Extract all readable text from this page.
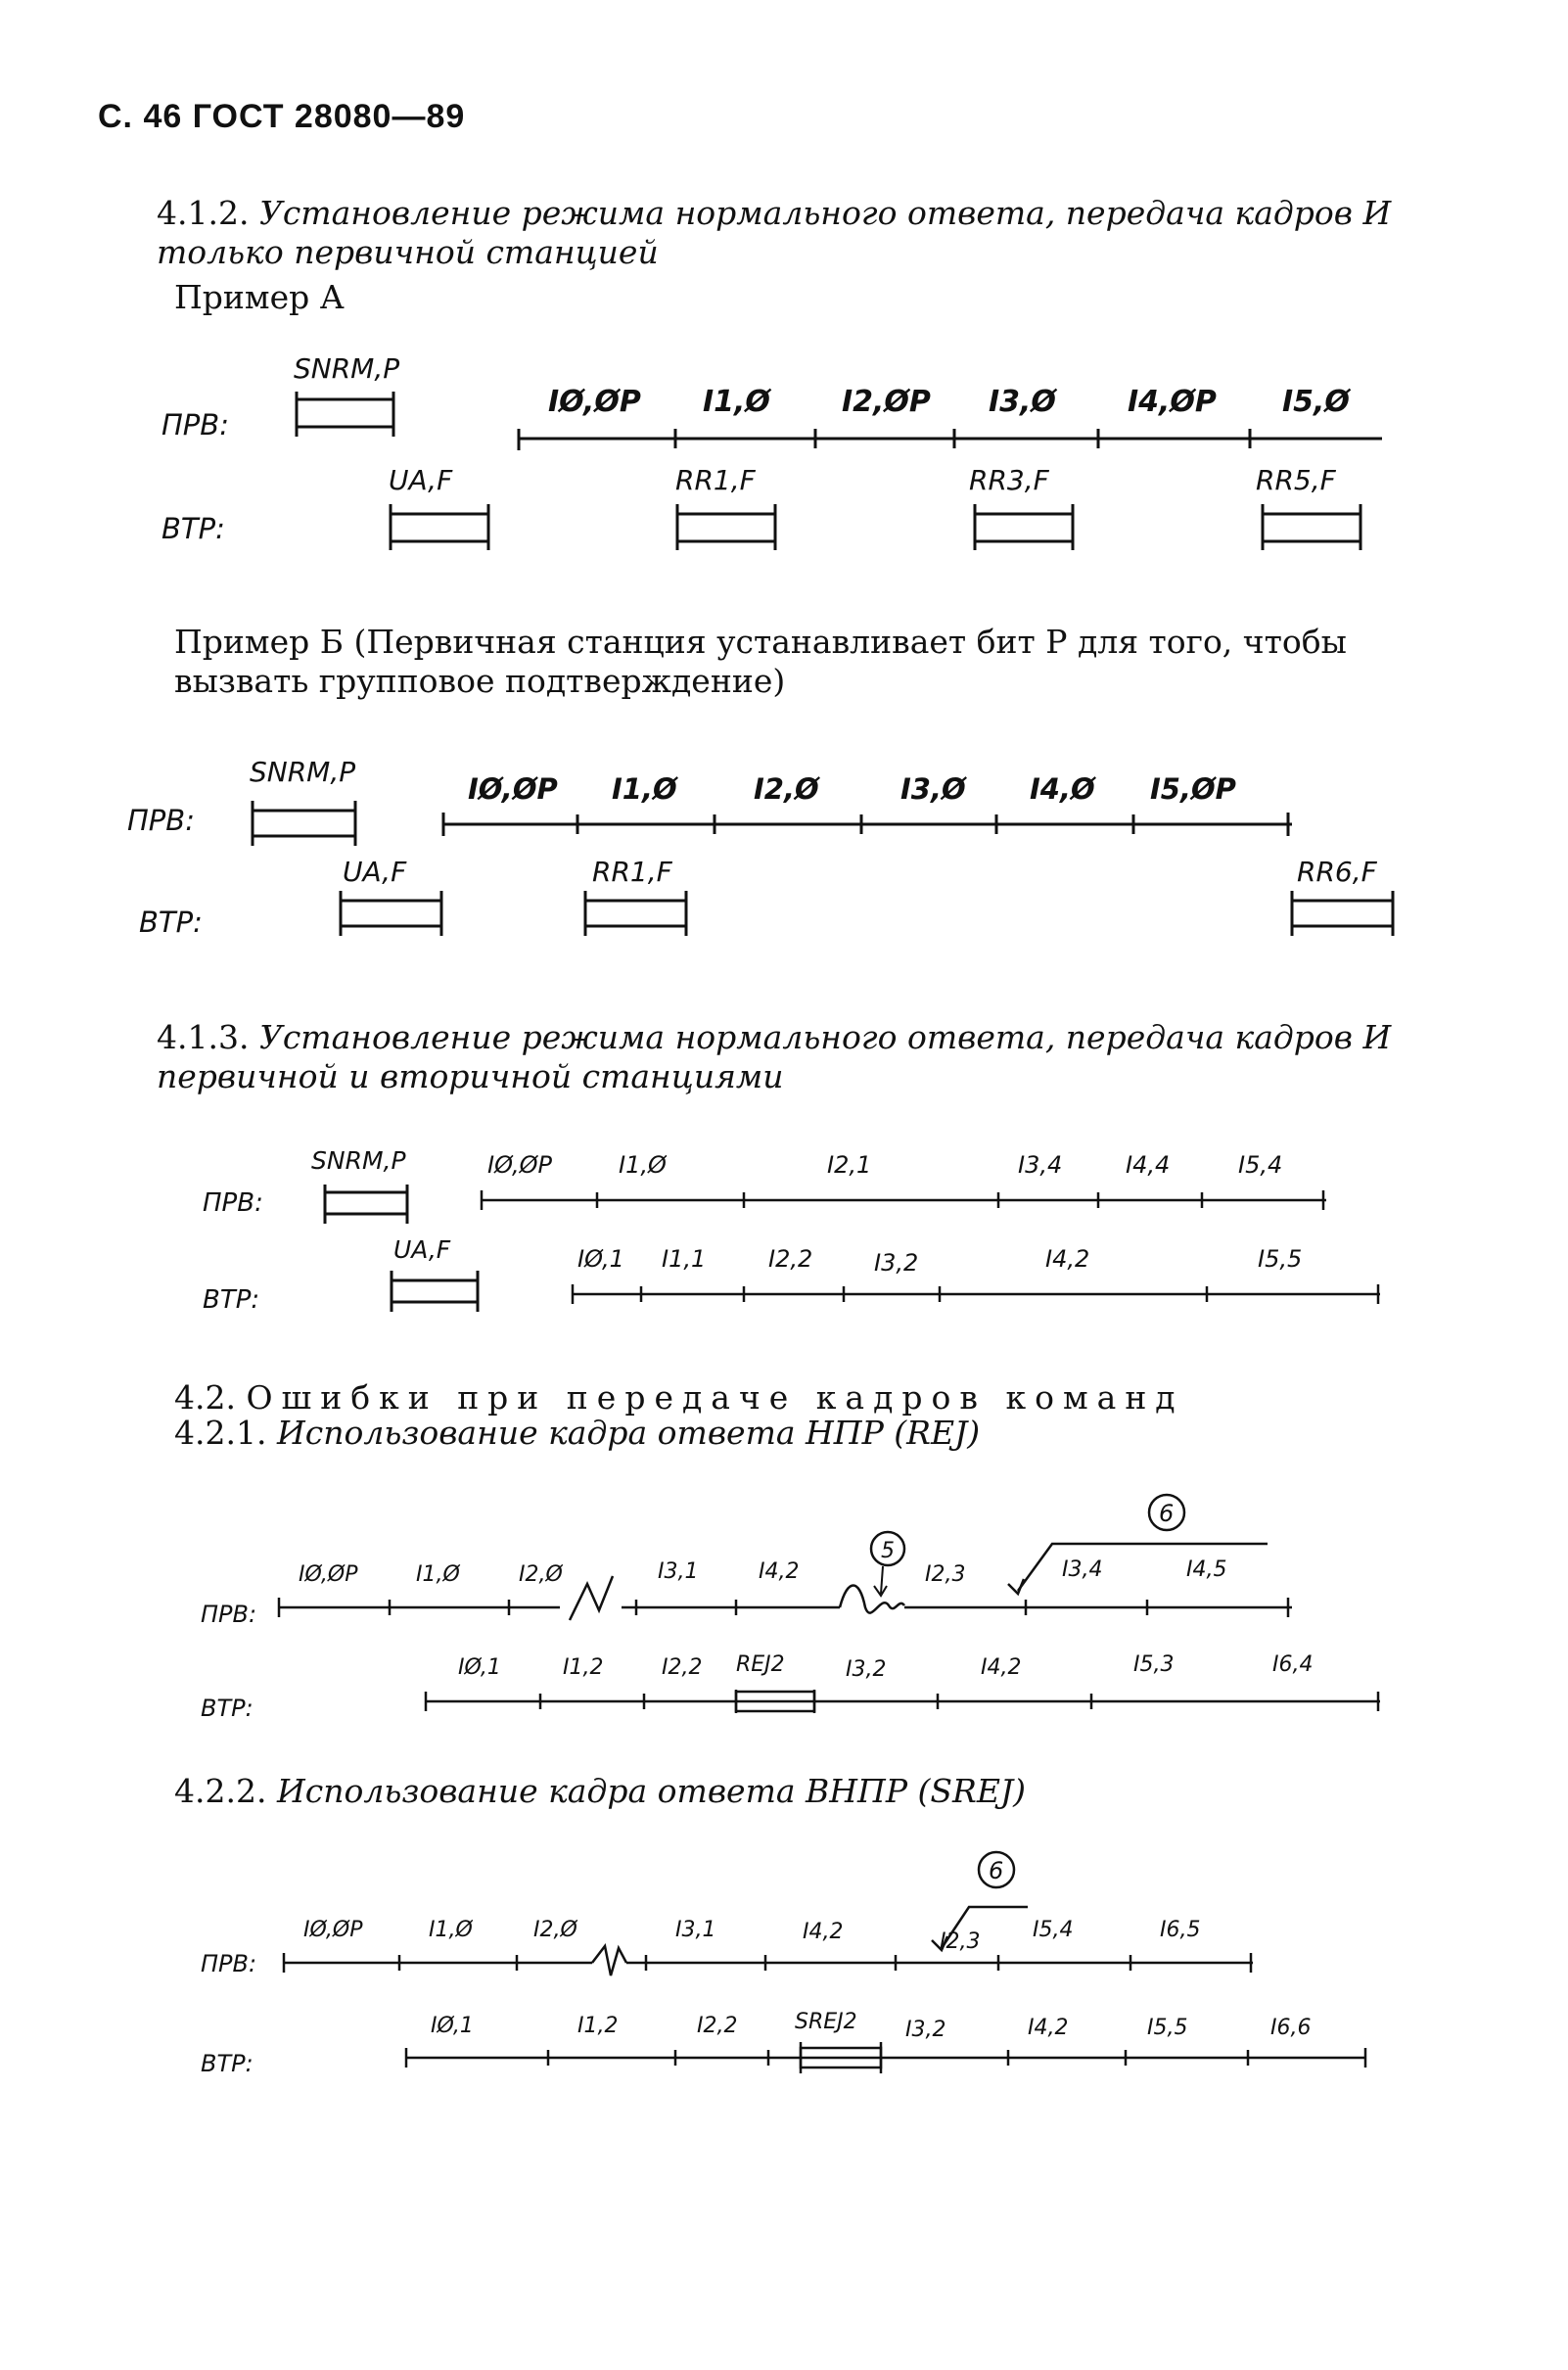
С. 46 ГОСТ 28080—89
4.1.2. Установление режима нормального ответа, передача кадров И только первичной станцией
Пример А
ПРВ:
ВТР:
SNRM,P
IØ,ØP I1,Ø I2,ØP I3,Ø I4,ØP I5,Ø
UA,F	RR1,F	RR3,F	RR5,F
Пример Б (Первичная станция устанавливает бит Р для того, чтобы вызвать групповое подтверждение)
ПРВ:
ВТР:
SNRM,P
IØ,ØP I1,Ø	I2,Ø	I3,Ø I4,Ø I5,ØP
UA,F	RR1,F	RR6,F
4.1.3. Установление режима нормального ответа, передача кадров И первичной и вторичной станциями
ПРВ:
ВТР:
SNRM,P	IØ,ØP	I1,Ø	I2,1	I3,4	I4,4	I5,4
UA,F	IØ,1 I1,1	I2,2	I3,2	I4,2	I5,5
4.2. Ошибки при передаче кадров команд
4.2.1. Использование кадра ответа НПР (REJ)
ПРВ:
ВТР:
6
5
IØ,ØP	I1,Ø	I2,Ø	I3,1	I4,2	I2,3	I3,4	I4,5
IØ,1	I1,2	I2,2	I3,2	I4,2	I5,3	I6,4
REJ2
4.2.2. Использование кадра ответа ВНПР (SREJ)
ПРВ:
ВТР:
6
IØ,ØP	I1,Ø	I2,Ø	I3,1	I4,2	I2,3 I5,4	I6,5
IØ,1	I1,2	I2,2	I3,2	I4,2	I5,5	I6,6
SREJ2
